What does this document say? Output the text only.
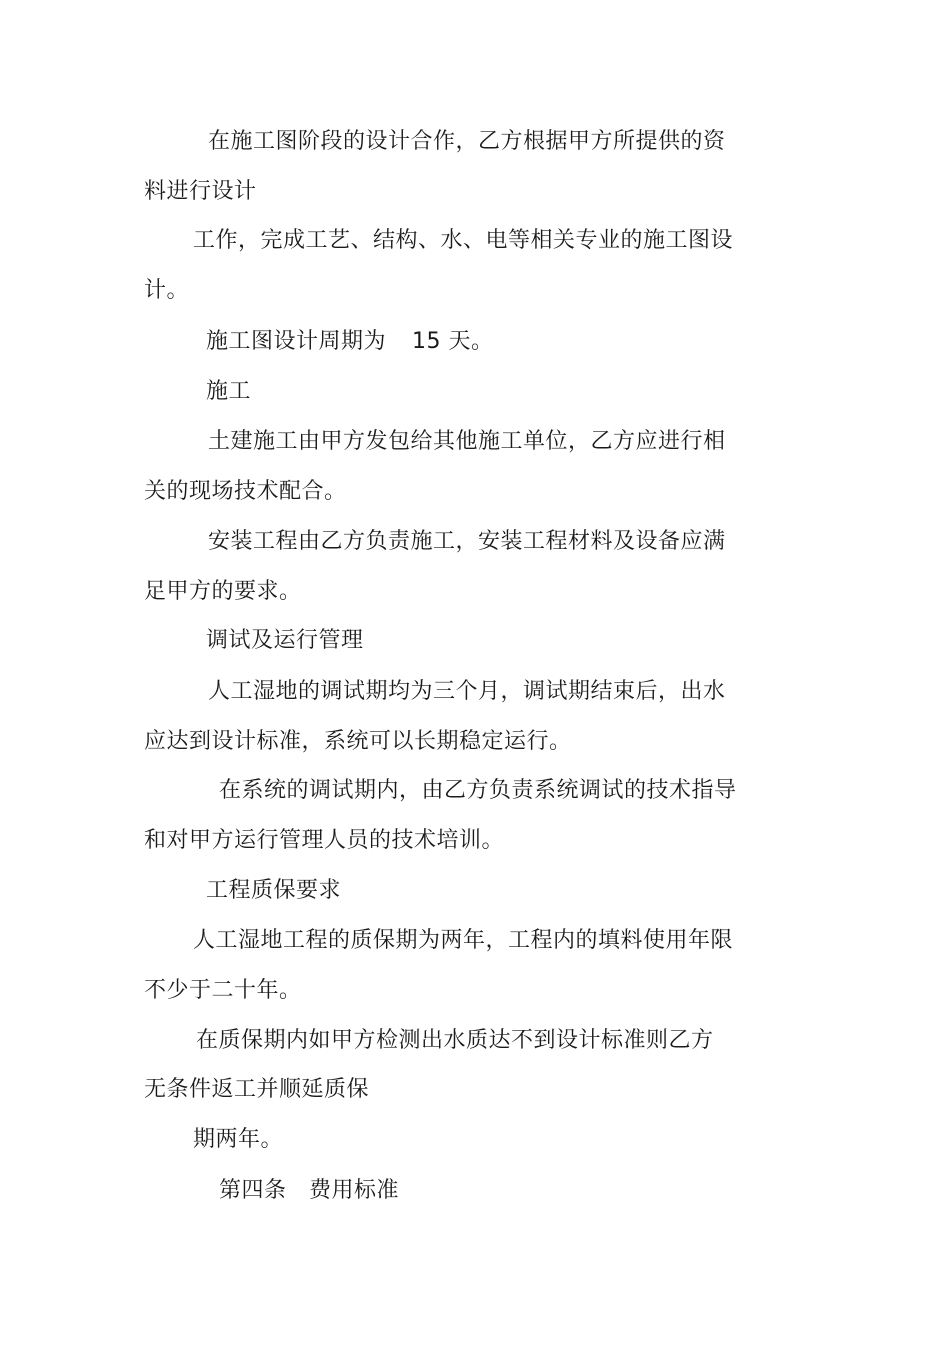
在施工图阶段的设计合作，乙方根据甲方所提供的资
料进行设计
工作，完成工艺、结构、水、电等相关专业的施工图设
计。
施工图设计周期为 15 天。
施工
土建施工由甲方发包给其他施工单位，乙方应进行相
关的现场技术配合。
安装工程由乙方负责施工，安装工程材料及设备应满
足甲方的要求。
调试及运行管理
人工湿地的调试期均为三个月，调试期结束后，出水
应达到设计标准，系统可以长期稳定运行。
在系统的调试期内，由乙方负责系统调试的技术指导
和对甲方运行管理人员的技术培训。
工程质保要求
人工湿地工程的质保期为两年，工程内的填料使用年限
不少于二十年。
在质保期内如甲方检测出水质达不到设计标准则乙方
无条件返工并顺延质保
期两年。
第四条　费用标准
